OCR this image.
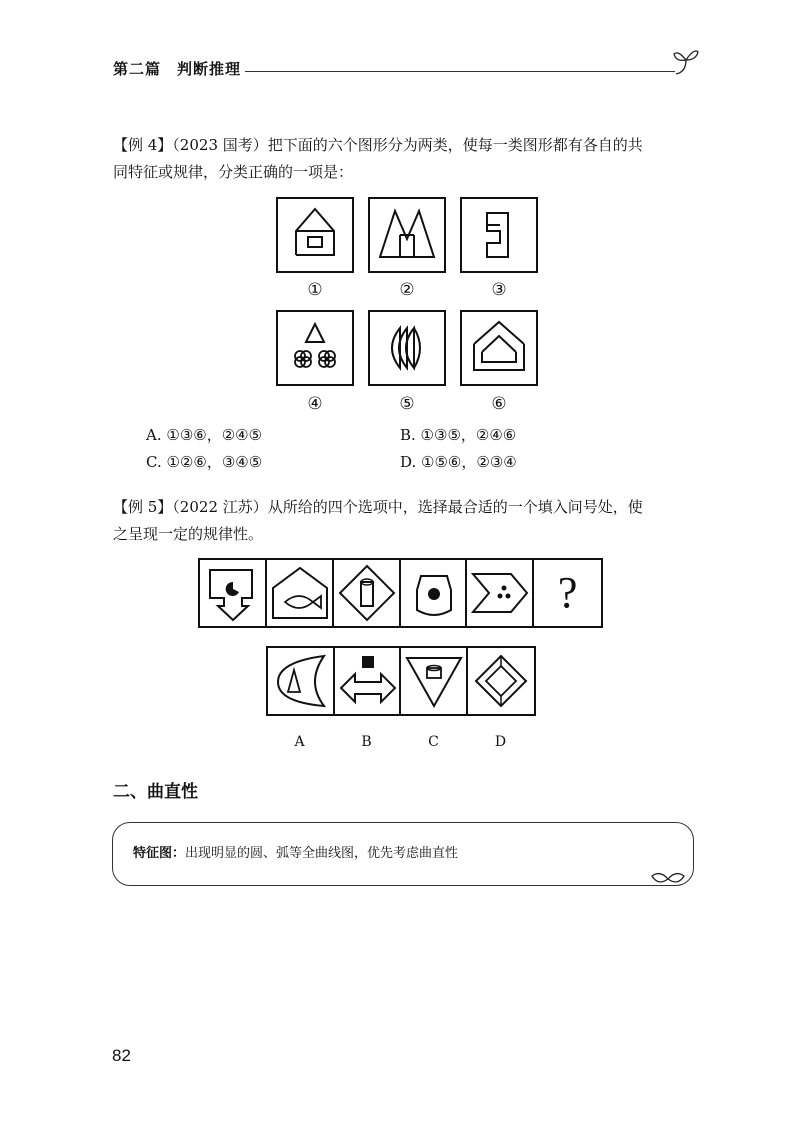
第二篇　判断推理
【例 4】（2023 国考）把下面的六个图形分为两类，使每一类图形都有各自的共
同特征或规律，分类正确的一项是：
①	②	③
④	⑤	⑥
A. ①③⑥，②④⑤	B. ①③⑤，②④⑥
C. ①②⑥，③④⑤	D. ①⑤⑥，②③④
【例 5】（2022 江苏）从所给的四个选项中，选择最合适的一个填入问号处，使
之呈现一定的规律性。
?
A	B	C	D
二、曲直性
特征图：出现明显的圆、弧等全曲线图，优先考虑曲直性
82
